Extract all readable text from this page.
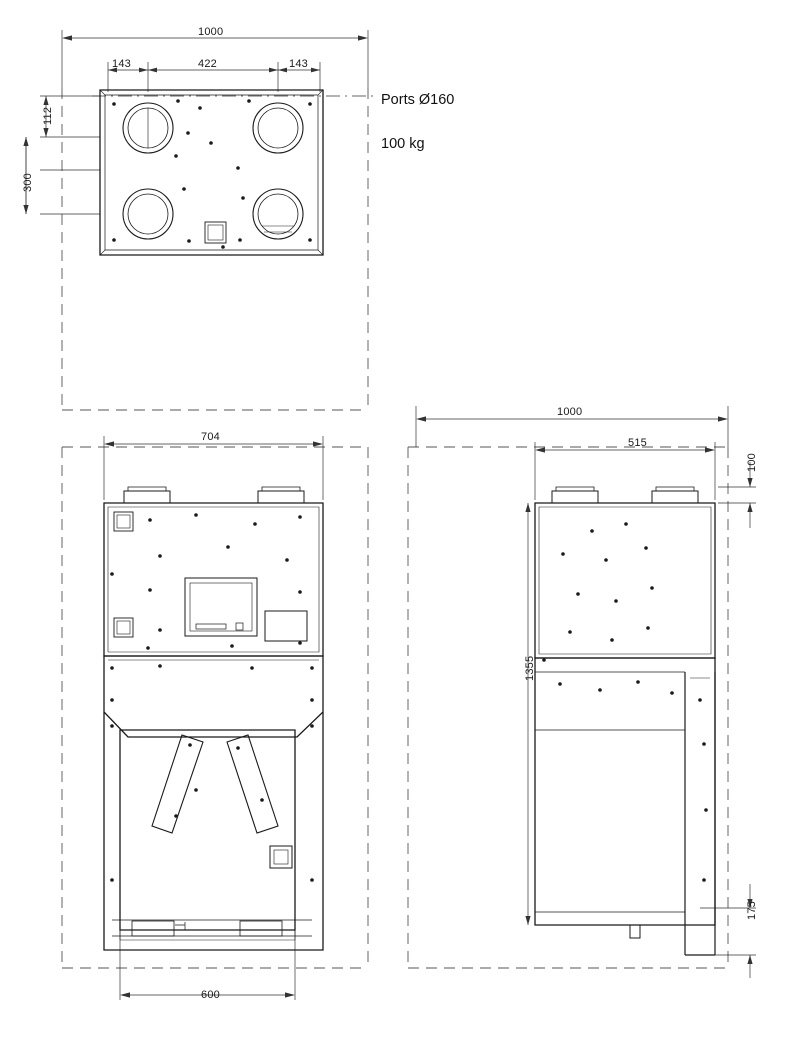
Ports Ø160
100 kg
1000
143	422	143
112
300
704
600
1000
515
100
1355
175
